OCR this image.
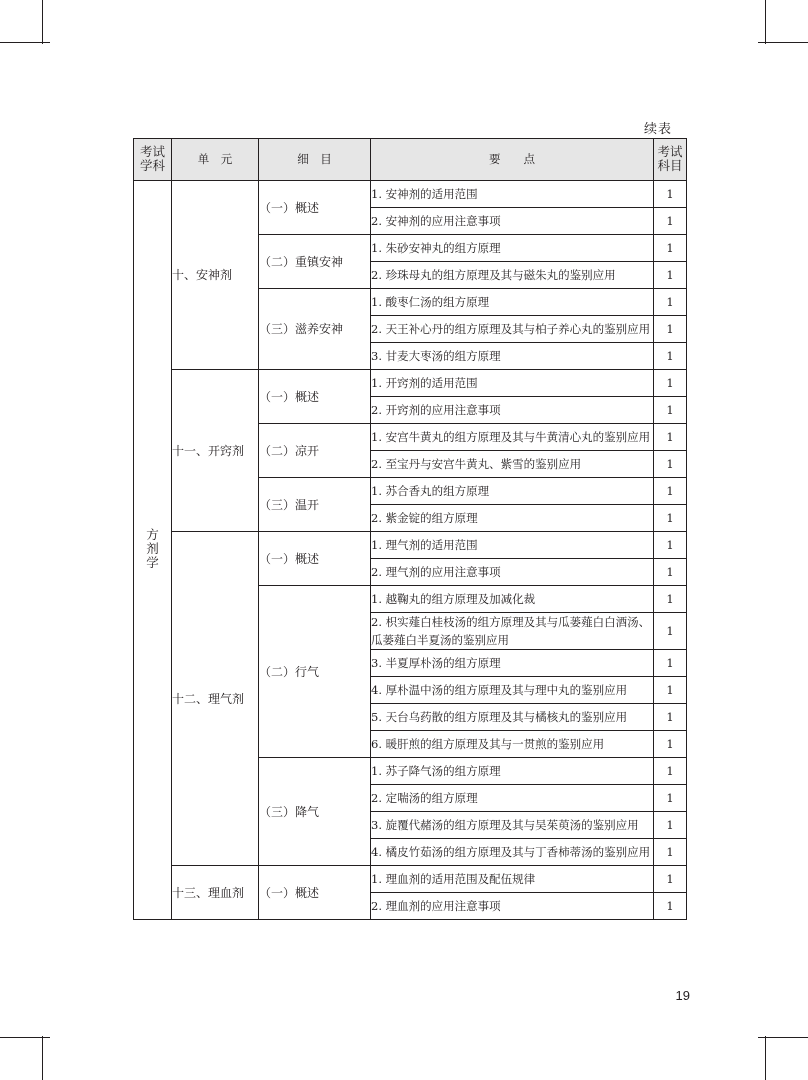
续表
考试学科	单　元	细　目	要　　点	考试科目
方剂学	十、安神剂	（一）概述	1. 安神剂的适用范围	1
			2. 安神剂的应用注意事项	1
		（二）重镇安神	1. 朱砂安神丸的组方原理	1
			2. 珍珠母丸的组方原理及其与磁朱丸的鉴别应用	1
		（三）滋养安神	1. 酸枣仁汤的组方原理	1
			2. 天王补心丹的组方原理及其与柏子养心丸的鉴别应用	1
			3. 甘麦大枣汤的组方原理	1
	十一、开窍剂	（一）概述	1. 开窍剂的适用范围	1
			2. 开窍剂的应用注意事项	1
		（二）凉开	1. 安宫牛黄丸的组方原理及其与牛黄清心丸的鉴别应用	1
			2. 至宝丹与安宫牛黄丸、紫雪的鉴别应用	1
		（三）温开	1. 苏合香丸的组方原理	1
			2. 紫金锭的组方原理	1
	十二、理气剂	（一）概述	1. 理气剂的适用范围	1
			2. 理气剂的应用注意事项	1
		（二）行气	1. 越鞠丸的组方原理及加减化裁	1
			2. 枳实薤白桂枝汤的组方原理及其与瓜蒌薤白白酒汤、瓜蒌薤白半夏汤的鉴别应用	1
			3. 半夏厚朴汤的组方原理	1
			4. 厚朴温中汤的组方原理及其与理中丸的鉴别应用	1
			5. 天台乌药散的组方原理及其与橘核丸的鉴别应用	1
			6. 暖肝煎的组方原理及其与一贯煎的鉴别应用	1
		（三）降气	1. 苏子降气汤的组方原理	1
			2. 定喘汤的组方原理	1
			3. 旋覆代赭汤的组方原理及其与吴茱萸汤的鉴别应用	1
			4. 橘皮竹茹汤的组方原理及其与丁香柿蒂汤的鉴别应用	1
	十三、理血剂	（一）概述	1. 理血剂的适用范围及配伍规律	1
			2. 理血剂的应用注意事项	1
19
